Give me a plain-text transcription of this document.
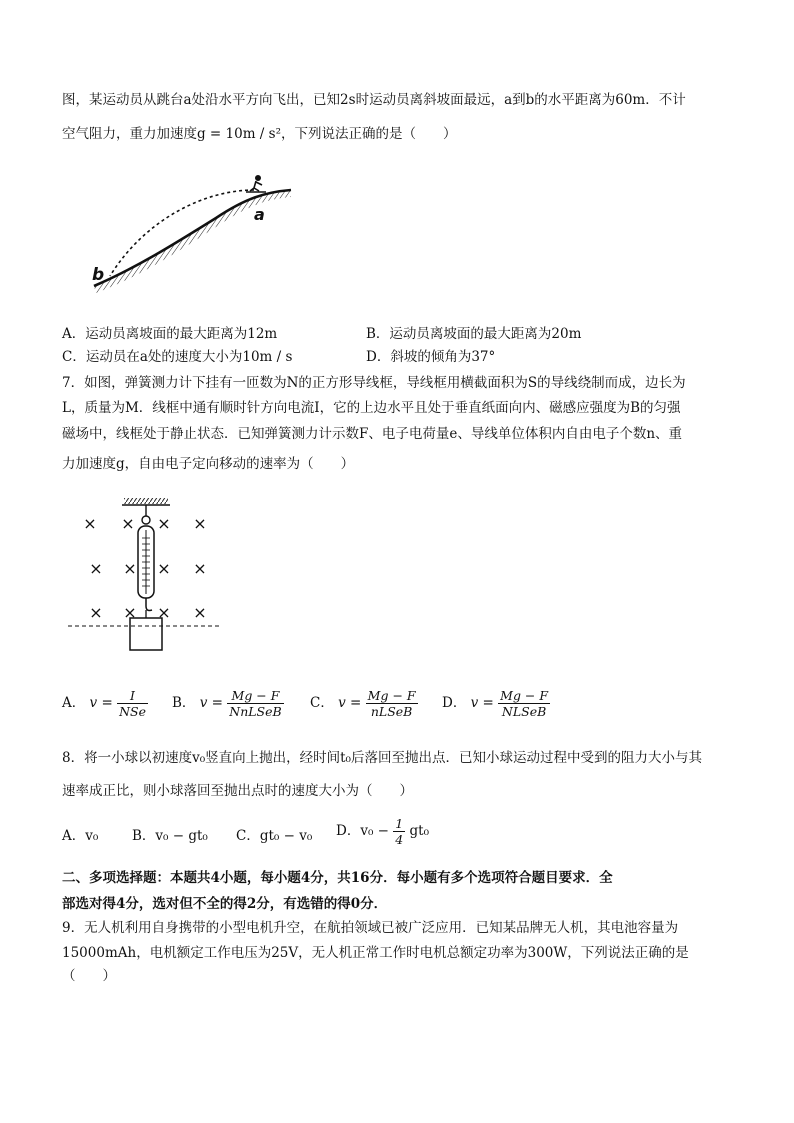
图，某运动员从跳台a处沿水平方向飞出，已知2s时运动员离斜坡面最远，a到b的水平距离为60m．不计
空气阻力，重力加速度g = 10m / s²，下列说法正确的是（　　）
a
b
A．运动员离坡面的最大距离为12m	B．运动员离坡面的最大距离为20m
C．运动员在a处的速度大小为10m / s	D．斜坡的倾角为37°
7．如图，弹簧测力计下挂有一匝数为N的正方形导线框，导线框用横截面积为S的导线绕制而成，边长为
L，质量为M．线框中通有顺时针方向电流I，它的上边水平且处于垂直纸面向内、磁感应强度为B的匀强
磁场中，线框处于静止状态．已知弹簧测力计示数F、电子电荷量e、导线单位体积内自由电子个数n、重
力加速度g，自由电子定向移动的速率为（　　）
× × × ×
× × × ×
× × × ×
A． $v = \frac{I}{\text{NSe}}$ B． $v = \frac{Mg - F}{\text{NnLSeB}}$ C． $v = \frac{Mg - F}{\text{nLSeB}}$ D． $v = \frac{Mg - F}{\text{NLSeB}}$
8．将一小球以初速度v₀竖直向上抛出，经时间t₀后落回至抛出点．已知小球运动过程中受到的阻力大小与其
速率成正比，则小球落回至抛出点时的速度大小为（　　）
A．v₀ B．v₀ − gt₀ C．gt₀ − v₀ D．$v_0 - \frac{1}{4} gt_0$
二、多项选择题：本题共4小题，每小题4分，共16分．每小题有多个选项符合题目要求．全
部选对得4分，选对但不全的得2分，有选错的得0分．
9．无人机利用自身携带的小型电机升空，在航拍领域已被广泛应用．已知某品牌无人机，其电池容量为
15000mAh，电机额定工作电压为25V，无人机正常工作时电机总额定功率为300W，下列说法正确的是
（　　）
